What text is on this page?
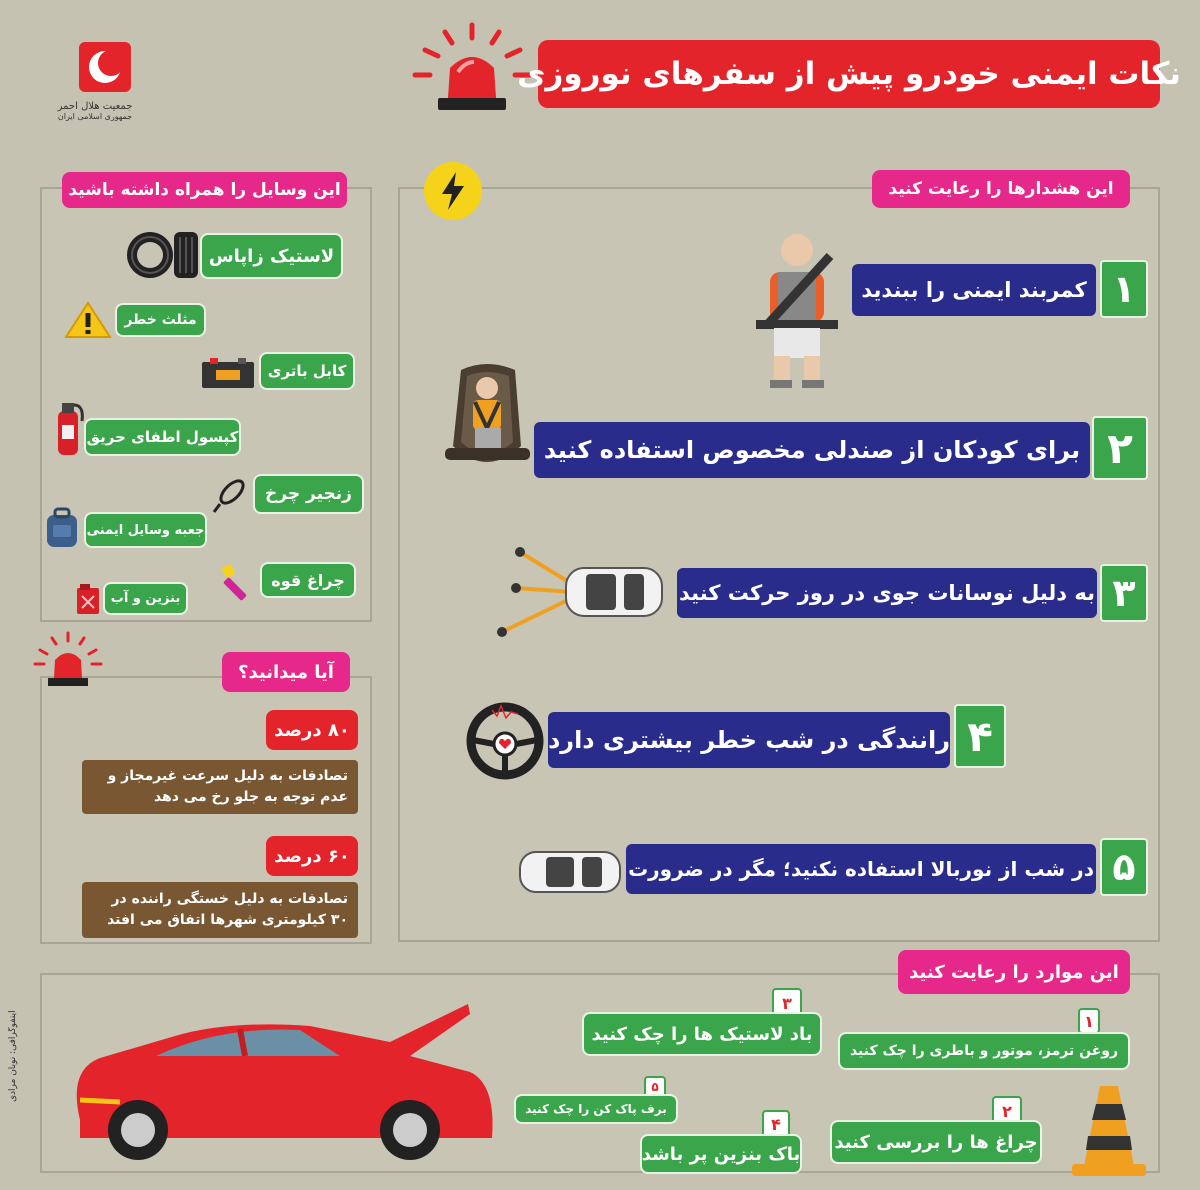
جمعیت هلال احمر
جمهوری اسلامی ایران
نکات ایمنی خودرو پیش از سفرهای نوروزی
این وسایل را همراه داشته باشید
لاستیک زاپاس
مثلث خطر
کابل باتری
کپسول اطفای حریق
زنجیر چرخ
جعبه وسایل ایمنی
چراغ قوه
بنزین و آب
آیا میدانید؟
۸۰ درصد
تصادفات به دلیل سرعت غیرمجاز و عدم توجه به جلو رخ می دهد
۶۰ درصد
تصادفات به دلیل خستگی راننده در ۳۰ کیلومتری شهرها اتفاق می افتد
این هشدارها را رعایت کنید
کمربند ایمنی را ببندید ۱
برای کودکان از صندلی مخصوص استفاده کنید ۲
به دلیل نوسانات جوی در روز حرکت کنید ۳
رانندگی در شب خطر بیشتری دارد ۴
در شب از نوربالا استفاده نکنید؛ مگر در ضرورت ۵
این موارد را رعایت کنید
اینفوگرافی: نوبان مرادی	۱
روغن ترمز، موتور و باطری را چک کنید
۲
چراغ ها را بررسی کنید
۳
باد لاستیک ها را چک کنید
۴
باک بنزین پر باشد
۵
برف پاک کن را چک کنید
